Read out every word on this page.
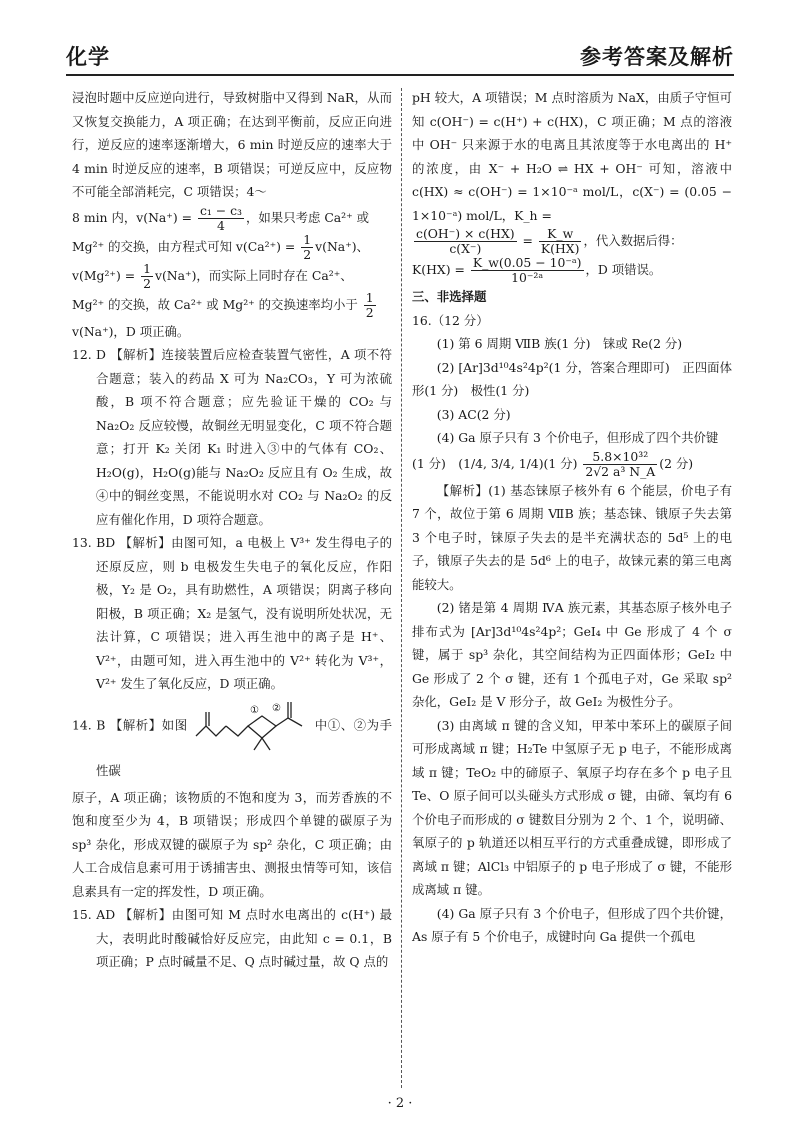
化学	参考答案及解析

浸泡时题中反应逆向进行，导致树脂中又得到 NaR，从而又恢复交换能力，A 项正确；在达到平衡前，反应正向进行，逆反应的速率逐渐增大，6 min 时逆反应的速率大于 4 min 时逆反应的速率，B 项错误；可逆反应中，反应物不可能全部消耗完，C 项错误；4～

8 min 内，$v(Na^+) = \frac{\text{c₁ − c₃}}{4}$ ，如果只考虑 Ca²⁺ 或

Mg²⁺ 的交换，由方程式可知 $v(Ca^{2+}) = \frac{1}{2} v(Na^+)$、

$v(Mg^{2+}) = \frac{1}{2} v(Na^+)$，而实际上同时存在 Ca²⁺、

Mg²⁺ 的交换，故 Ca²⁺ 或 Mg²⁺ 的交换速率均小于 $\frac{1}{2}$

v(Na⁺)，D 项正确。

12. D 【解析】连接装置后应检查装置气密性，A 项不符合题意；装入的药品 X 可为 Na₂CO₃，Y 可为浓硫酸，B 项不符合题意；应先验证干燥的 CO₂ 与 Na₂O₂ 反应较慢，故铜丝无明显变化，C 项不符合题意；打开 K₂ 关闭 K₁ 时进入③中的气体有 CO₂、H₂O(g)，H₂O(g)能与 Na₂O₂ 反应且有 O₂ 生成，故④中的铜丝变黑，不能说明水对 CO₂ 与 Na₂O₂ 的反应有催化作用，D 项符合题意。

13. BD 【解析】由图可知，a 电极上 V³⁺ 发生得电子的还原反应，则 b 电极发生失电子的氧化反应，作阳极，Y₂ 是 O₂，具有助燃性，A 项错误；阴离子移向阳极，B 项正确；X₂ 是氢气，没有说明所处状况，无法计算，C 项错误；进入再生池中的离子是 H⁺、V²⁺，由题可知，进入再生池中的 V²⁺ 转化为 V³⁺，V²⁺ 发生了氧化反应，D 项正确。

14. B 【解析】如图
① ②
中①、②为手性碳

原子，A 项正确；该物质的不饱和度为 3，而芳香族的不饱和度至少为 4，B 项错误；形成四个单键的碳原子为 sp³ 杂化，形成双键的碳原子为 sp² 杂化，C 项正确；由人工合成信息素可用于诱捕害虫、测报虫情等可知，该信息素具有一定的挥发性，D 项正确。

15. AD 【解析】由图可知 M 点时水电离出的 c(H⁺) 最大，表明此时酸碱恰好反应完，由此知 c = 0.1，B 项正确；P 点时碱量不足、Q 点时碱过量，故 Q 点的

pH 较大，A 项错误；M 点时溶质为 NaX，由质子守恒可知 c(OH⁻) = c(H⁺) + c(HX)，C 项正确；M 点的溶液中 OH⁻ 只来源于水的电离且其浓度等于水电离出的 H⁺ 的浓度，由 X⁻ + H₂O ⇌ HX + OH⁻ 可知，溶液中 c(HX) ≈ c(OH⁻) = 1×10⁻ᵃ mol/L，c(X⁻) = (0.05 − 1×10⁻ᵃ) mol/L，K_h =

$\frac{c(OH^-) \times c(HX)}{c(X^-)} = \frac{K\_w}{K(HX)}$ ，代入数据后得：

$K(HX) = \frac{\text{K\_w(0.05 − 10⁻ᵃ)}}{\text{10⁻²ᵃ}}$ ，D 项错误。

三、非选择题

16.（12 分）

(1) 第 6 周期 ⅦB 族(1 分)　铼或 Re(2 分)

(2) [Ar]3d¹⁰4s²4p²(1 分，答案合理即可)　正四面体形(1 分)　极性(1 分)

(3) AC(2 分)

(4) Ga 原子只有 3 个价电子，但形成了四个共价键

(1 分)　(1/4, 3/4, 1/4)(1 分) $\frac{\text{5.8×10³²}}{\text{2√2 a³ N\_A}} (2$ 分)

【解析】(1) 基态铼原子核外有 6 个能层，价电子有 7 个，故位于第 6 周期 ⅦB 族；基态铼、锇原子失去第 3 个电子时，铼原子失去的是半充满状态的 5d⁵ 上的电子，锇原子失去的是 5d⁶ 上的电子，故铼元素的第三电离能较大。

(2) 锗是第 4 周期 ⅣA 族元素，其基态原子核外电子排布式为 [Ar]3d¹⁰4s²4p²；GeI₄ 中 Ge 形成了 4 个 σ 键，属于 sp³ 杂化，其空间结构为正四面体形；GeI₂ 中 Ge 形成了 2 个 σ 键，还有 1 个孤电子对，Ge 采取 sp² 杂化，GeI₂ 是 V 形分子，故 GeI₂ 为极性分子。

(3) 由离域 π 键的含义知，甲苯中苯环上的碳原子间可形成离域 π 键；H₂Te 中氢原子无 p 电子，不能形成离域 π 键；TeO₂ 中的碲原子、氧原子均存在多个 p 电子且 Te、O 原子间可以头碰头方式形成 σ 键，由碲、氧均有 6 个价电子而形成的 σ 键数目分别为 2 个、1 个，说明碲、氧原子的 p 轨道还以相互平行的方式重叠成键，即形成了离域 π 键；AlCl₃ 中铝原子的 p 电子形成了 σ 键，不能形成离域 π 键。

(4) Ga 原子只有 3 个价电子，但形成了四个共价键，As 原子有 5 个价电子，成键时向 Ga 提供一个孤电

· 2 ·
